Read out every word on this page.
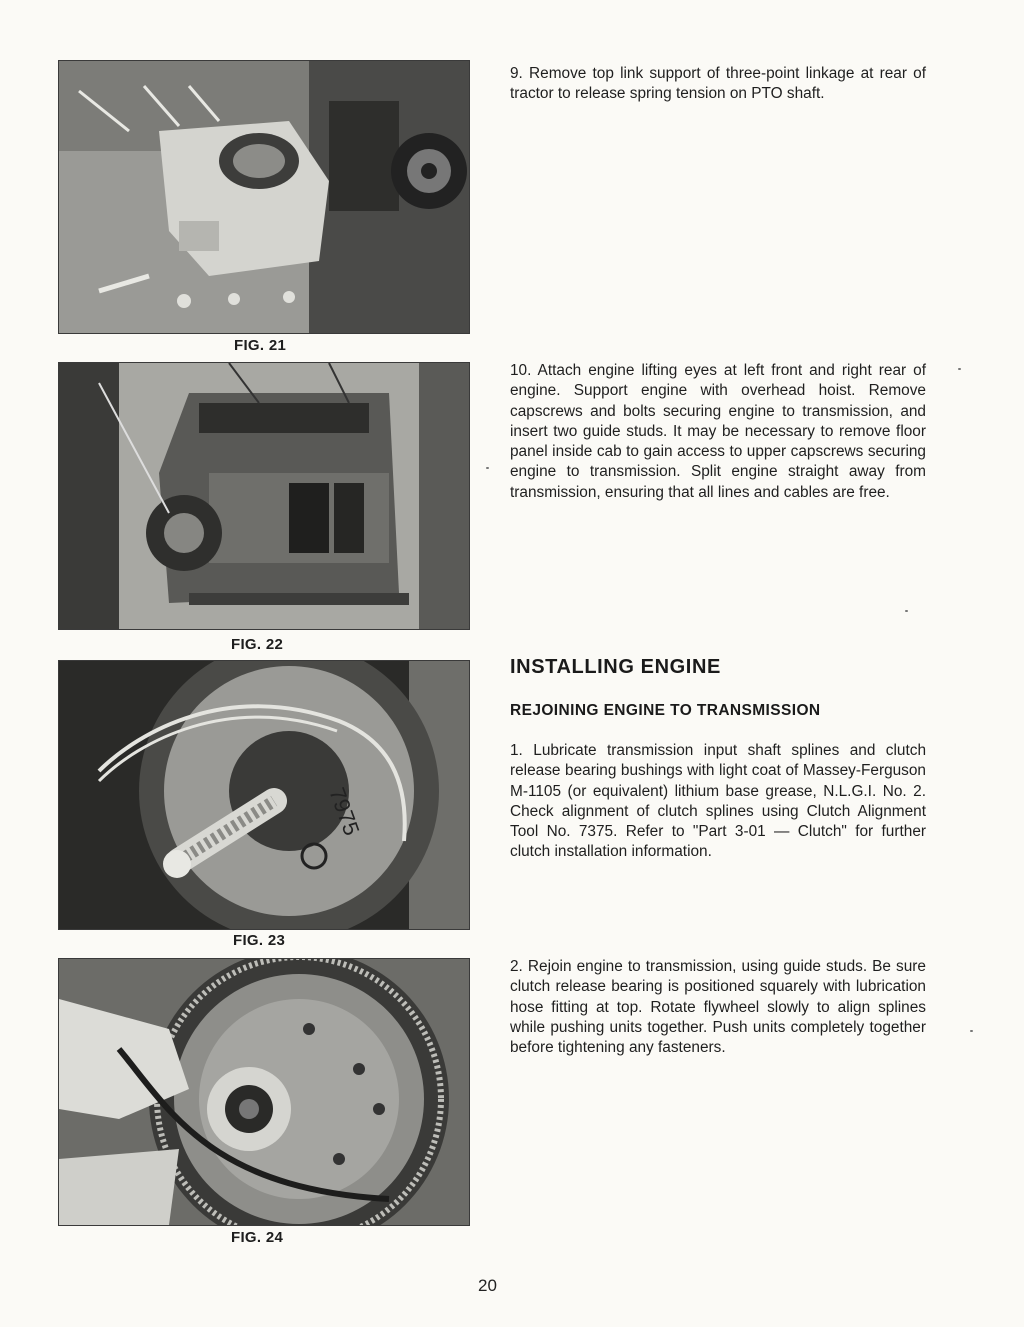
FIG. 21
FIG. 22
7975
FIG. 23
FIG. 24

9. Remove top link support of three-point linkage at rear of tractor to release spring tension on PTO shaft.

10. Attach engine lifting eyes at left front and right rear of engine. Support engine with overhead hoist. Remove capscrews and bolts securing engine to transmission, and insert two guide studs. It may be necessary to remove floor panel inside cab to gain access to upper capscrews securing engine to transmission. Split engine straight away from transmission, ensuring that all lines and cables are free.

INSTALLING ENGINE
REJOINING ENGINE TO TRANSMISSION

1. Lubricate transmission input shaft splines and clutch release bearing bushings with light coat of Massey-Ferguson M-1105 (or equivalent) lithium base grease, N.L.G.I. No. 2. Check alignment of clutch splines using Clutch Alignment Tool No. 7375. Refer to "Part 3-01 — Clutch" for further clutch installation information.

2. Rejoin engine to transmission, using guide studs. Be sure clutch release bearing is positioned squarely with lubrication hose fitting at top. Rotate flywheel slowly to align splines while pushing units together. Push units completely together before tightening any fasteners.

20
